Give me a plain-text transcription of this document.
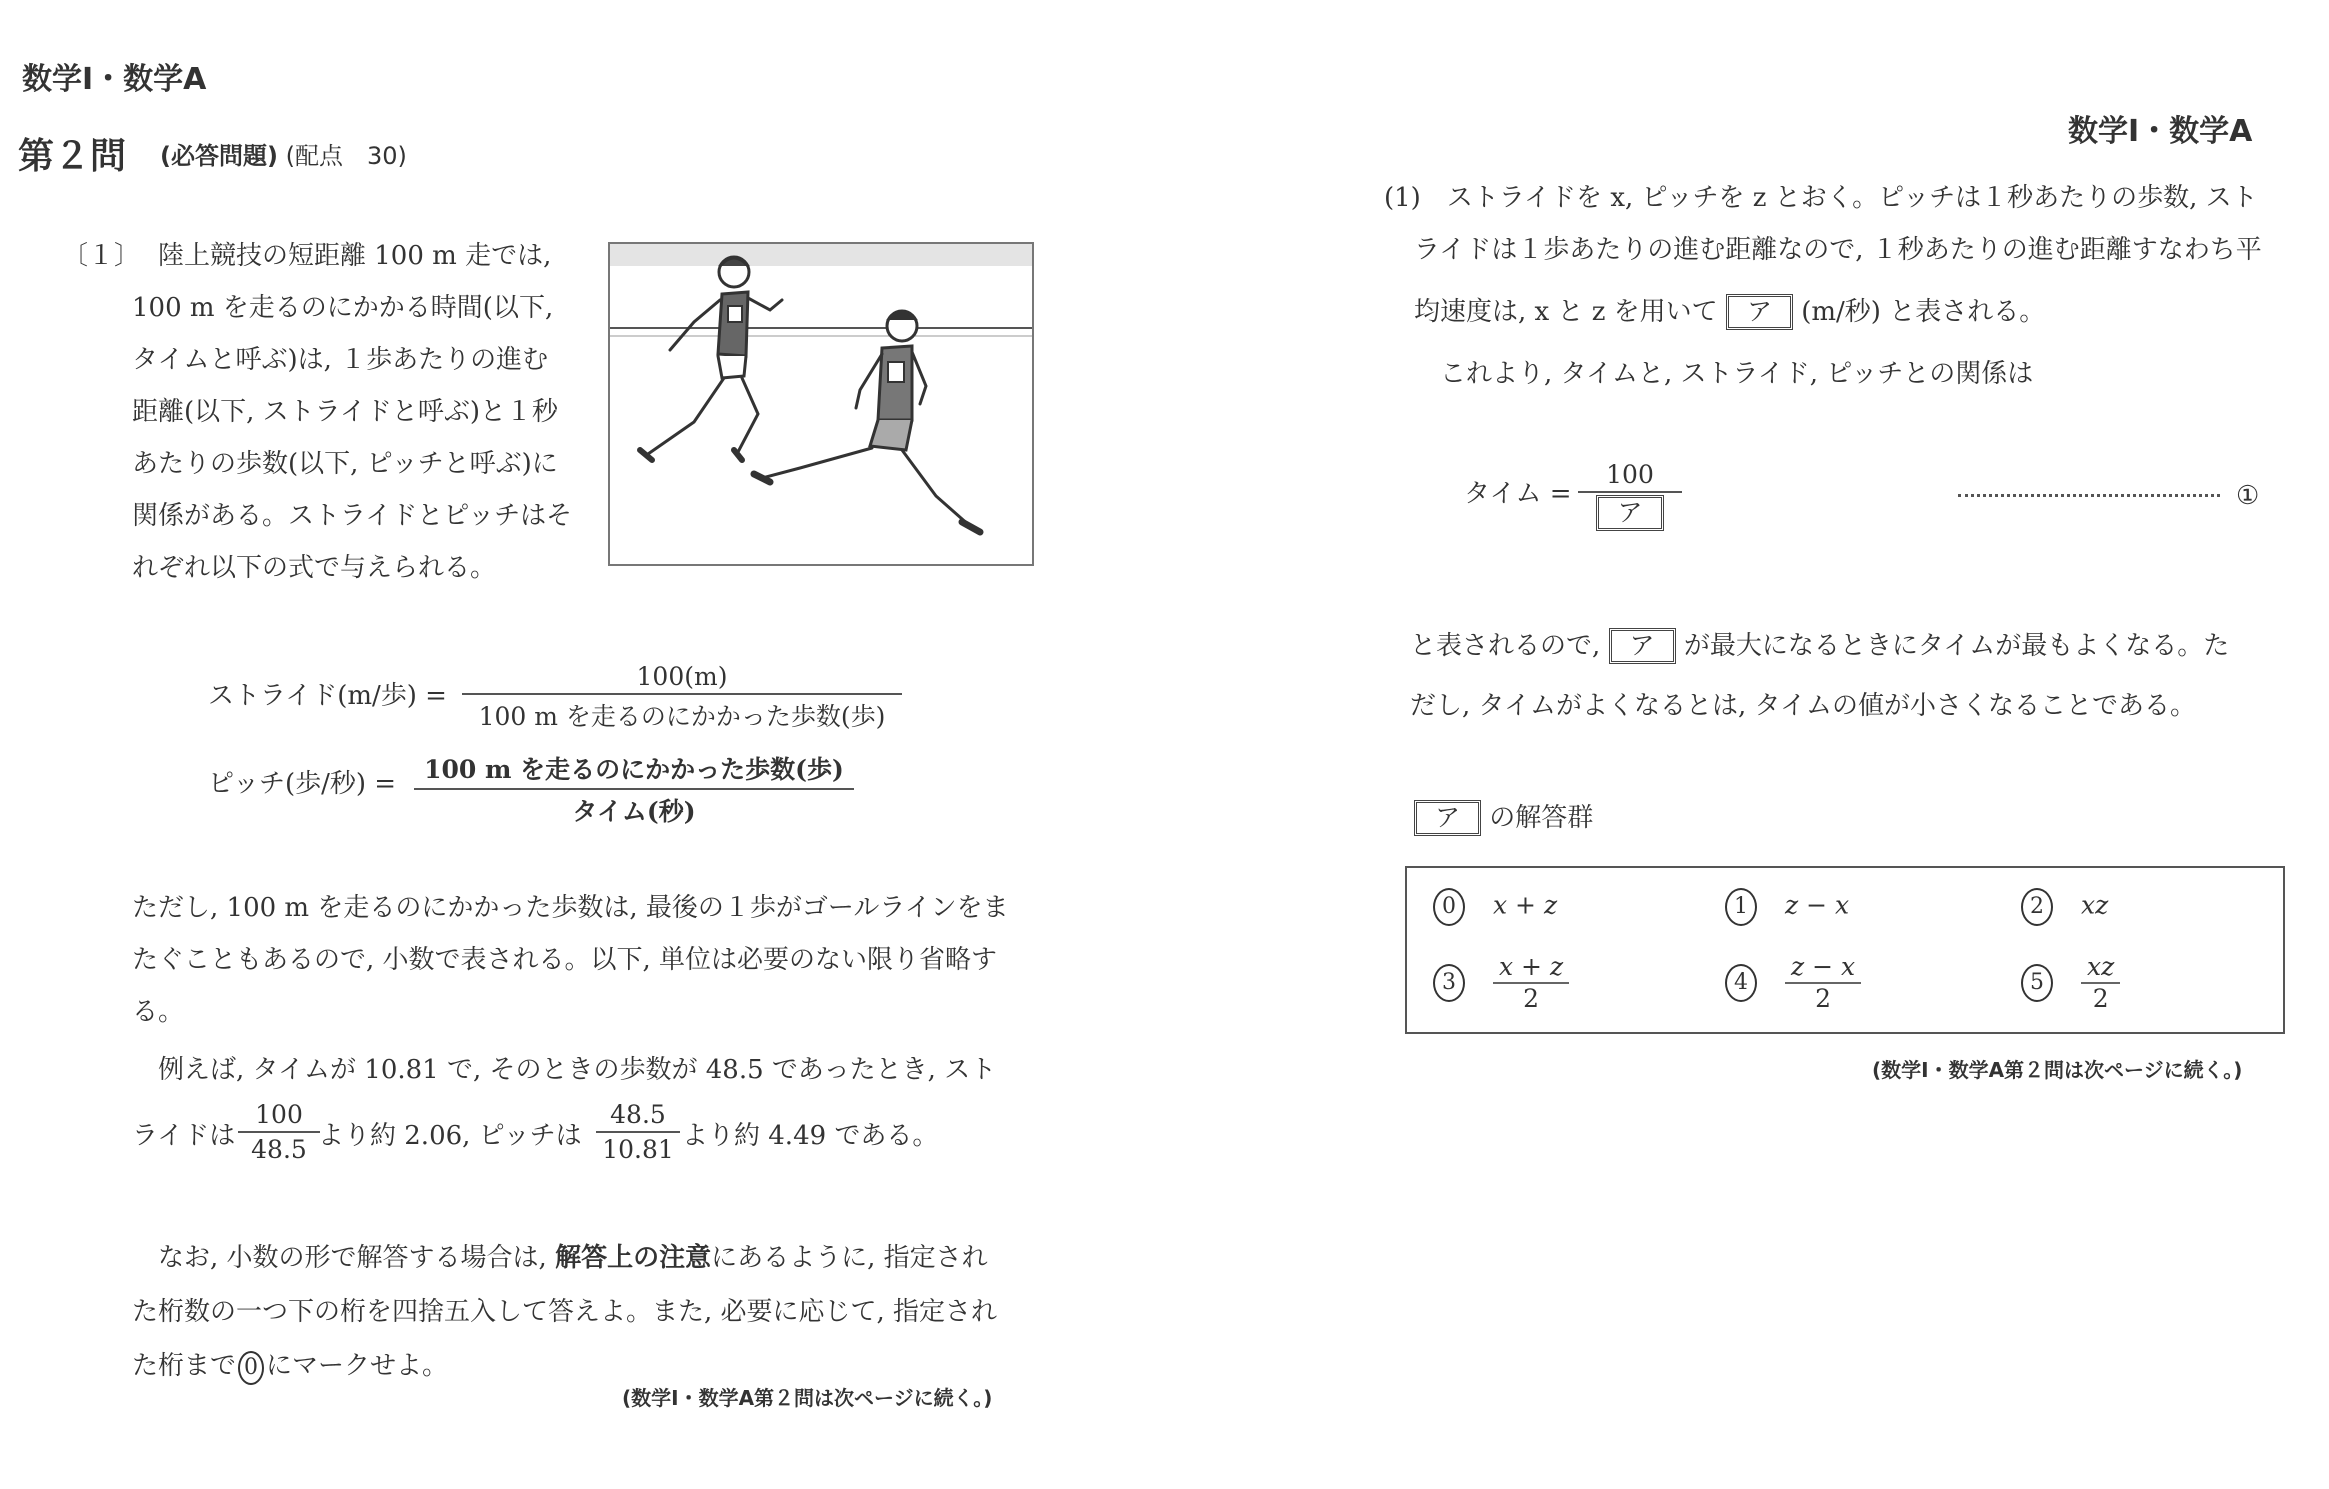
数学Ⅰ・数学A
第２問 (必答問題) (配点　30)
〔１〕 陸上競技の短距離 100 m 走では,
100 m を走るのにかかる時間(以下,
タイムと呼ぶ)は, １歩あたりの進む
距離(以下, ストライドと呼ぶ)と１秒
あたりの歩数(以下, ピッチと呼ぶ)に
関係がある。ストライドとピッチはそ
れぞれ以下の式で与えられる。
ストライド(m/歩) =
100(m)
100 m を走るのにかかった歩数(歩)
ピッチ(歩/秒) =	100 m を走るのにかかった歩数(歩)
タイム(秒)
ただし, 100 m を走るのにかかった歩数は, 最後の１歩がゴールラインをま
たぐこともあるので, 小数で表される。以下, 単位は必要のない限り省略す
る。
例えば, タイムが 10.81 で, そのときの歩数が 48.5 であったとき, スト
ライドは $\frac{100}{48.5}$
より約 2.06, ピッチは $\frac{48.5}{10.81}$ より約 4.49 である。
なお, 小数の形で解答する場合は, 解答上の注意にあるように, 指定され
た桁数の一つ下の桁を四捨五入して答えよ。また, 必要に応じて, 指定され
た桁まで 0 にマークせよ。
(数学Ⅰ・数学A第２問は次ページに続く。)
数学Ⅰ・数学A
(1)　ストライドを x, ピッチを z とおく。ピッチは１秒あたりの歩数, スト
ライドは１歩あたりの進む距離なので, １秒あたりの進む距離すなわち平
均速度は, x と z を用いて ア (m/秒) と表される。
これより, タイムと, ストライド, ピッチとの関係は
タイム =
100
ア
①
と表されるので, ア が最大になるときにタイムが最もよくなる。た
だし, タイムがよくなるとは, タイムの値が小さくなることである。
ア の解答群
0 x + z	1 z − x	2 xz
$3 \frac{x + z}{2}$	$4 \frac{z - x}{2}$	$5 \frac{xz}{2}$
(数学Ⅰ・数学A第２問は次ページに続く。)
